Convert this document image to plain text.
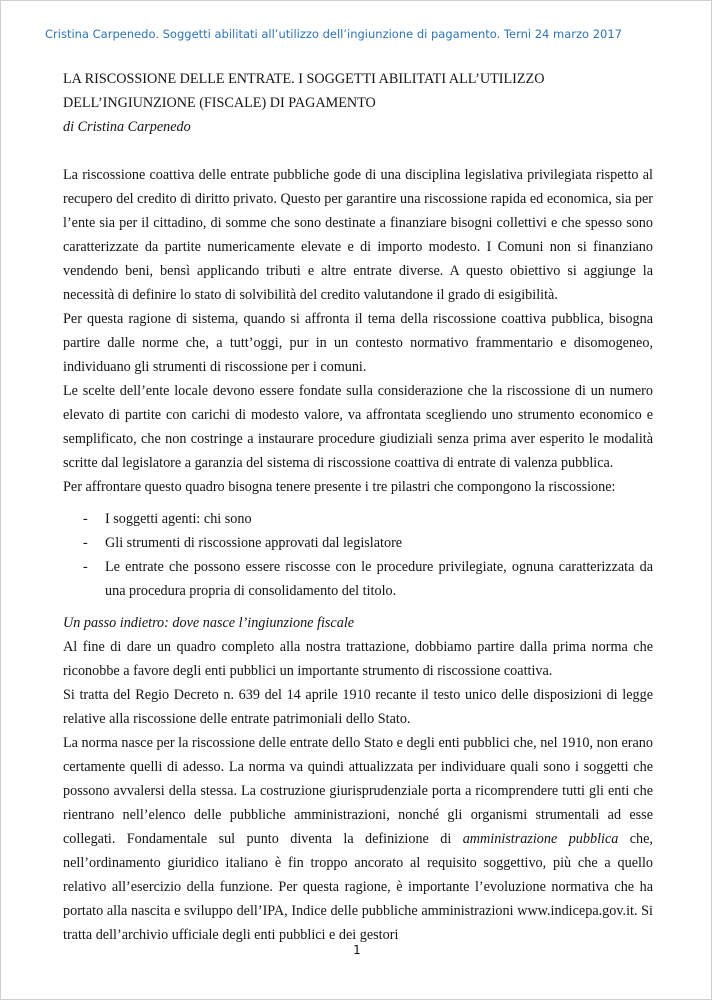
Cristina Carpenedo. Soggetti abilitati all’utilizzo dell’ingiunzione di pagamento. Terni 24 marzo 2017
LA RISCOSSIONE DELLE ENTRATE. I SOGGETTI ABILITATI ALL’UTILIZZO DELL’INGIUNZIONE (FISCALE) DI PAGAMENTO

di Cristina Carpenedo

La riscossione coattiva delle entrate pubbliche gode di una disciplina legislativa privilegiata rispetto al recupero del credito di diritto privato. Questo per garantire una riscossione rapida ed economica, sia per l’ente sia per il cittadino, di somme che sono destinate a finanziare bisogni collettivi e che spesso sono caratterizzate da partite numericamente elevate e di importo modesto. I Comuni non si finanziano vendendo beni, bensì applicando tributi e altre entrate diverse. A questo obiettivo si aggiunge la necessità di definire lo stato di solvibilità del credito valutandone il grado di esigibilità.

Per questa ragione di sistema, quando si affronta il tema della riscossione coattiva pubblica, bisogna partire dalle norme che, a tutt’oggi, pur in un contesto normativo frammentario e disomogeneo, individuano gli strumenti di riscossione per i comuni.

Le scelte dell’ente locale devono essere fondate sulla considerazione che la riscossione di un numero elevato di partite con carichi di modesto valore, va affrontata scegliendo uno strumento economico e semplificato, che non costringe a instaurare procedure giudiziali senza prima aver esperito le modalità scritte dal legislatore a garanzia del sistema di riscossione coattiva di entrate di valenza pubblica.

Per affrontare questo quadro bisogna tenere presente i tre pilastri che compongono la riscossione:

- I soggetti agenti: chi sono
- Gli strumenti di riscossione approvati dal legislatore
- Le entrate che possono essere riscosse con le procedure privilegiate, ognuna caratterizzata da una procedura propria di consolidamento del titolo.

Un passo indietro: dove nasce l’ingiunzione fiscale

Al fine di dare un quadro completo alla nostra trattazione, dobbiamo partire dalla prima norma che riconobbe a favore degli enti pubblici un importante strumento di riscossione coattiva.

Si tratta del Regio Decreto n. 639 del 14 aprile 1910 recante il testo unico delle disposizioni di legge relative alla riscossione delle entrate patrimoniali dello Stato.

La norma nasce per la riscossione delle entrate dello Stato e degli enti pubblici che, nel 1910, non erano certamente quelli di adesso. La norma va quindi attualizzata per individuare quali sono i soggetti che possono avvalersi della stessa. La costruzione giurisprudenziale porta a ricomprendere tutti gli enti che rientrano nell’elenco delle pubbliche amministrazioni, nonché gli organismi strumentali ad esse collegati. Fondamentale sul punto diventa la definizione di amministrazione pubblica che, nell’ordinamento giuridico italiano è fin troppo ancorato al requisito soggettivo, più che a quello relativo all’esercizio della funzione. Per questa ragione, è importante l’evoluzione normativa che ha portato alla nascita e sviluppo dell’IPA, Indice delle pubbliche amministrazioni www.indicepa.gov.it. Si tratta dell’archivio ufficiale degli enti pubblici e dei gestori

1
